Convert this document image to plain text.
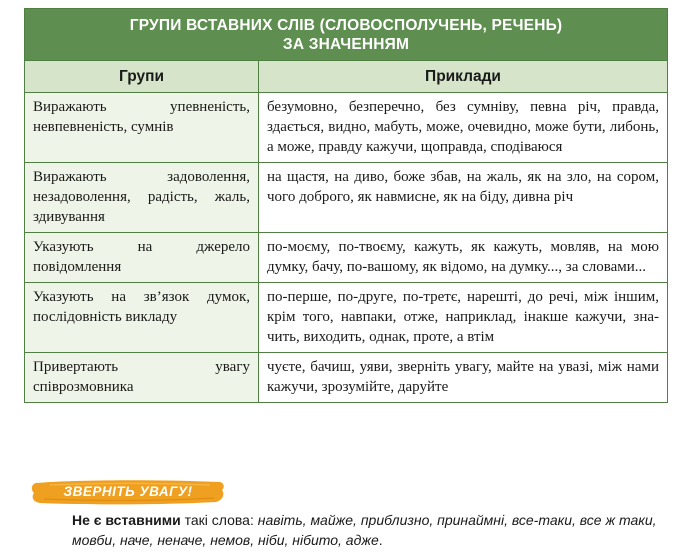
ГРУПИ ВСТАВНИХ СЛІВ (СЛОВОСПОЛУЧЕНЬ, РЕЧЕНЬ)
ЗА ЗНАЧЕННЯМ	

Групи	Приклади
Виражають упевненість, невпевненість, сумнів	безумовно, безперечно, без сумніву, певна річ, правда, здається, видно, мабуть, може, очевидно, може бути, либонь, а може, правду кажучи, щоправда, сподіваюся
Виражають задоволення, незадоволення, радість, жаль, здивування	на щастя, на диво, боже збав, на жаль, як на зло, на сором, чого доброго, як навмисне, як на біду, дивна річ
Указують на джерело повідомлення	по-моєму, по-твоєму, кажуть, як кажуть, мовляв, на мою думку, бачу, по-вашому, як відомо, на думку..., за словами...
Указують на зв’язок думок, послідовність викладу	по-перше, по-друге, по-третє, нарешті, до речі, між іншим, крім того, навпаки, отже, наприклад, інакше кажучи, значить, виходить, однак, проте, а втім
Привертають увагу співрозмовника	чуєте, бачиш, уяви, зверніть увагу, майте на увазі, між нами кажучи, зрозумійте, даруйте
ЗВЕРНІТЬ УВАГУ!
Не є вставними такі слова: навіть, майже, приблизно, принаймні, все-таки, все ж таки, мовби, наче, неначе, немов, ніби, нібито, адже.
